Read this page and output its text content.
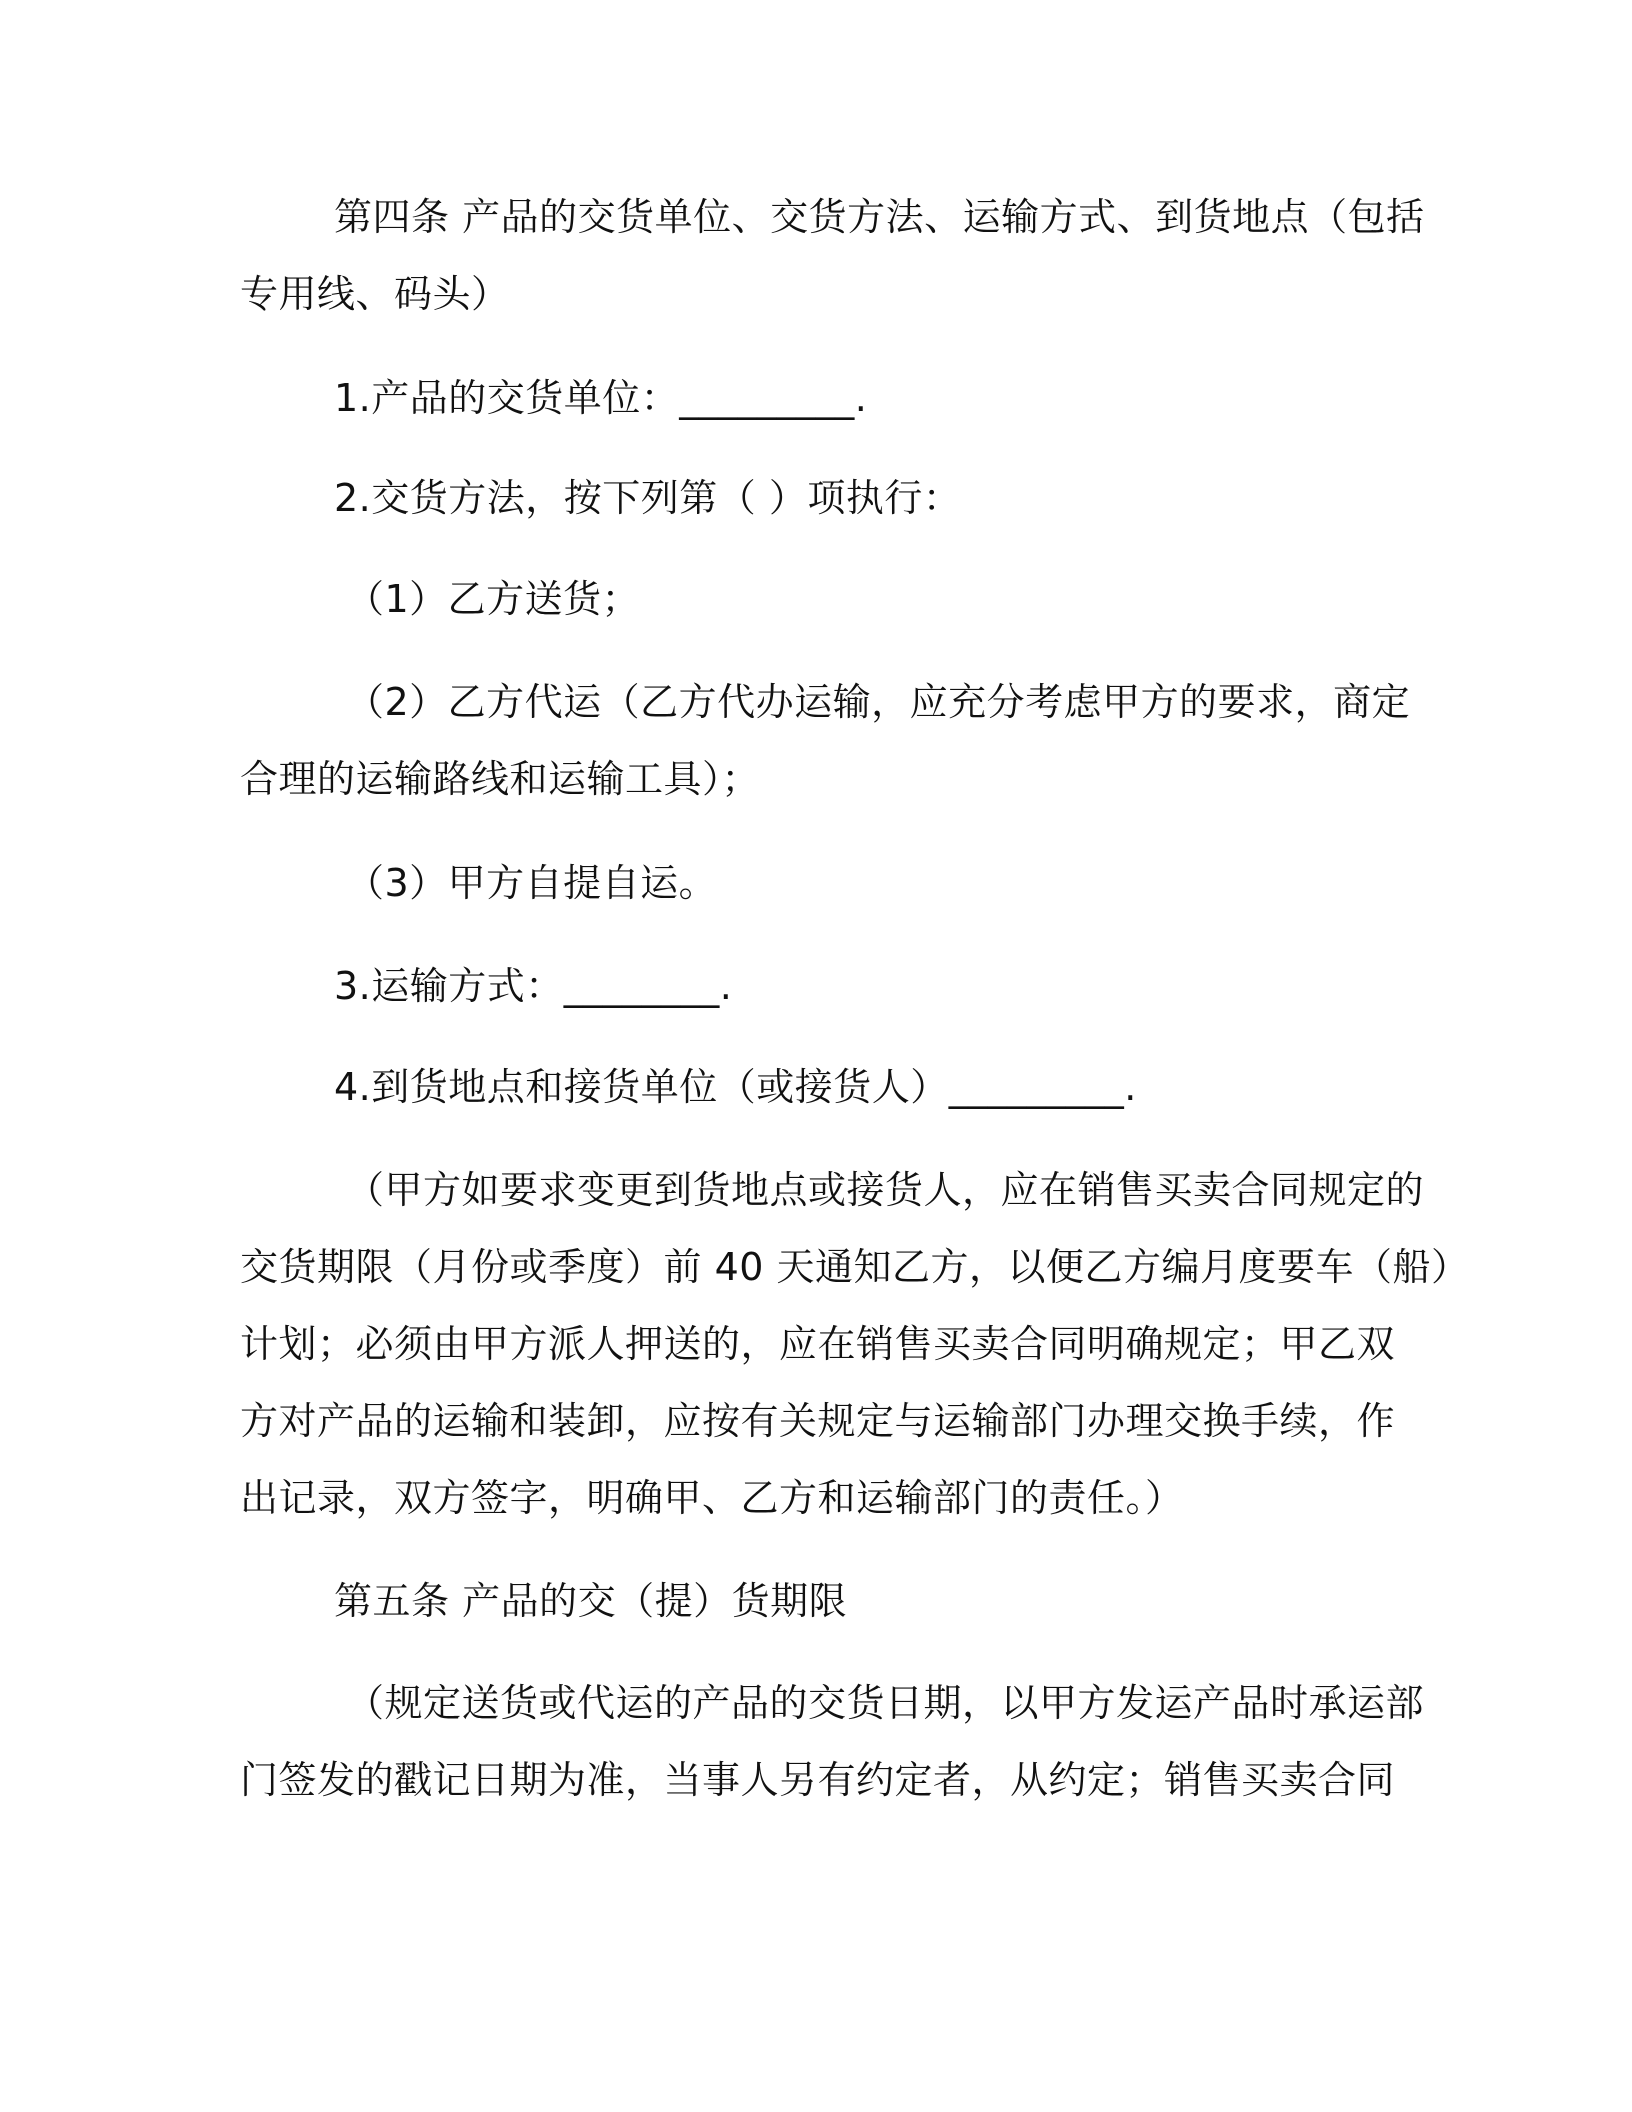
第四条 产品的交货单位、交货方法、运输方式、到货地点（包括
专用线、码头）
1.产品的交货单位：_________.
2.交货方法，按下列第（ ）项执行：
（1）乙方送货；
（2）乙方代运（乙方代办运输，应充分考虑甲方的要求，商定
合理的运输路线和运输工具）；
（3）甲方自提自运。
3.运输方式：________.
4.到货地点和接货单位（或接货人）_________.
（甲方如要求变更到货地点或接货人，应在销售买卖合同规定的
交货期限（月份或季度）前 40 天通知乙方，以便乙方编月度要车（船）
计划；必须由甲方派人押送的，应在销售买卖合同明确规定；甲乙双
方对产品的运输和装卸，应按有关规定与运输部门办理交换手续，作
出记录，双方签字，明确甲、乙方和运输部门的责任。）
第五条 产品的交（提）货期限
（规定送货或代运的产品的交货日期，以甲方发运产品时承运部
门签发的戳记日期为准，当事人另有约定者，从约定；销售买卖合同
